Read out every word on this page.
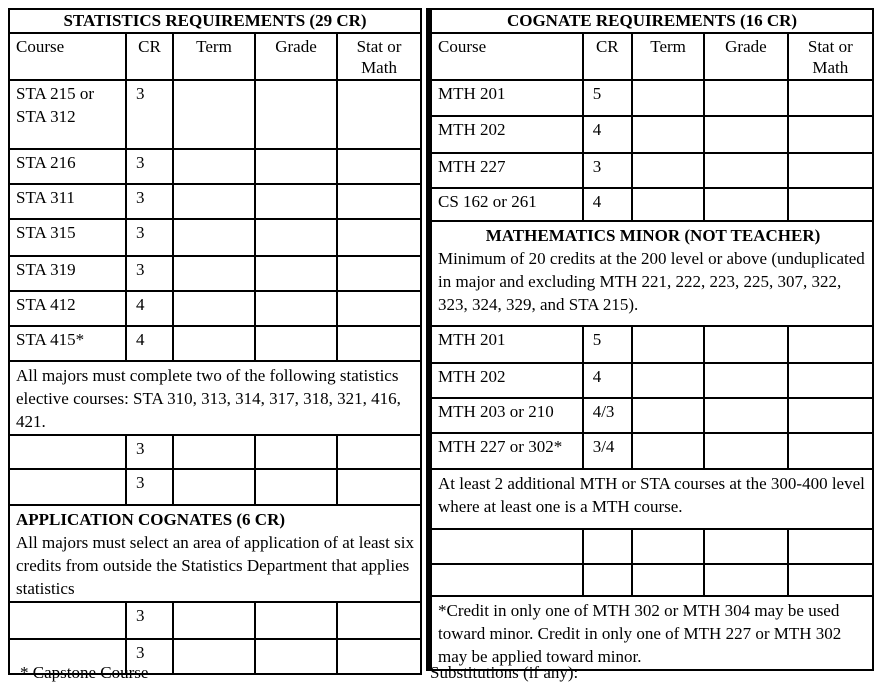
STATISTICS REQUIREMENTS (29 CR)				
Course	CR	Term	Grade	Stat or Math
STA 215 or STA 312	3			
STA 216	3			
STA 311	3			
STA 315	3			
STA 319	3			
STA 412	4			
STA 415*	4			
All majors must complete two of the following statistics elective courses: STA 310, 313, 314, 317, 318, 321, 416, 421.				
	3			
	3			

APPLICATION COGNATES (6 CR)
All majors must select an area of application of at least six credits from outside the Statistics Department that applies statistics				

	3			
	3			
COGNATE REQUIREMENTS (16 CR)				
Course	CR	Term	Grade	Stat or Math
MTH 201	5			
MTH 202	4			
MTH 227	3			
CS 162 or 261	4			

MATHEMATICS MINOR (NOT TEACHER)
Minimum of 20 credits at the 200 level or above (unduplicated in major and excluding MTH 221, 222, 223, 225, 307, 322, 323, 324, 329, and STA 215).				

MTH 201	5			
MTH 202	4			
MTH 203 or 210	4/3			
MTH 227 or 302*	3/4			
At least 2 additional MTH or STA courses at the 300-400 level where at least one is a MTH course.				

*Credit in only one of MTH 302 or MTH 304 may be used toward minor. Credit in only one of MTH 227 or MTH 302 may be applied toward minor.				
* Capstone Course	Substitutions (if any):
